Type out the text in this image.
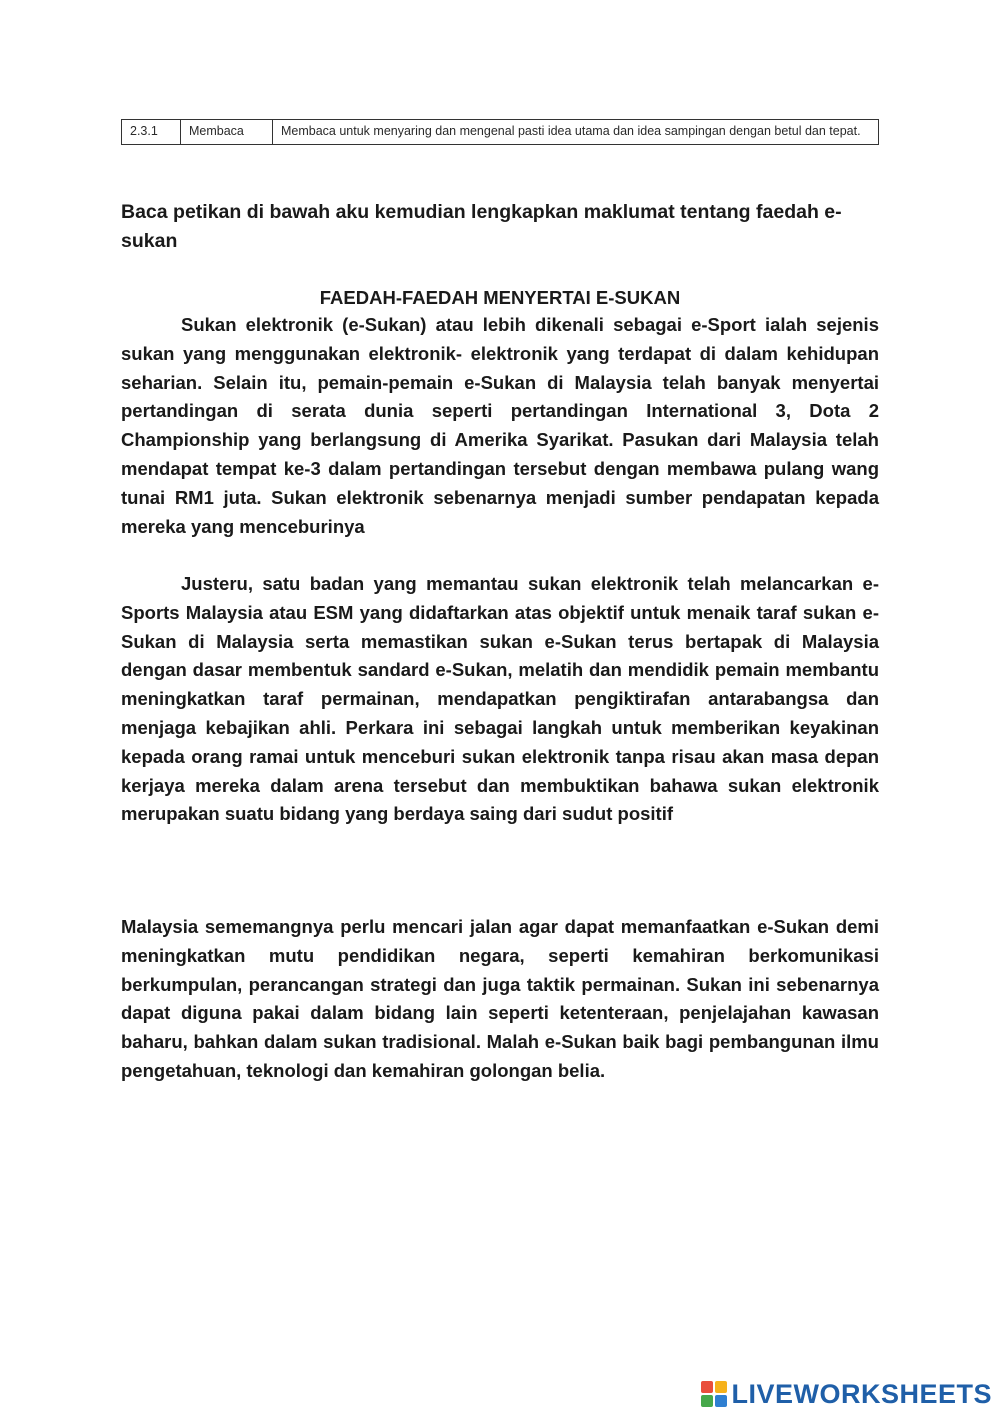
2.3.1	Membaca	Membaca untuk menyaring dan mengenal pasti idea utama dan idea sampingan dengan betul dan tepat.
Baca petikan di bawah aku kemudian lengkapkan maklumat tentang faedah e-sukan
FAEDAH-FAEDAH MENYERTAI E-SUKAN

Sukan elektronik (e-Sukan) atau lebih dikenali sebagai e-Sport ialah sejenis sukan yang menggunakan elektronik- elektronik yang terdapat di dalam kehidupan seharian. Selain itu, pemain-pemain e-Sukan di Malaysia telah banyak menyertai pertandingan di serata dunia seperti pertandingan International 3, Dota 2 Championship yang berlangsung di Amerika Syarikat. Pasukan dari Malaysia telah mendapat tempat ke-3 dalam pertandingan tersebut dengan membawa pulang wang tunai RM1 juta. Sukan elektronik sebenarnya menjadi sumber pendapatan kepada mereka yang menceburinya

Justeru, satu badan yang memantau sukan elektronik telah melancarkan e-Sports Malaysia atau ESM yang didaftarkan atas objektif untuk menaik taraf sukan e-Sukan di Malaysia serta memastikan sukan e-Sukan terus bertapak di Malaysia dengan dasar membentuk sandard e-Sukan, melatih dan mendidik pemain membantu meningkatkan taraf permainan, mendapatkan pengiktirafan antarabangsa dan menjaga kebajikan ahli. Perkara ini sebagai langkah untuk memberikan keyakinan kepada orang ramai untuk menceburi sukan elektronik tanpa risau akan masa depan kerjaya mereka dalam arena tersebut dan membuktikan bahawa sukan elektronik merupakan suatu bidang yang berdaya saing dari sudut positif

Malaysia sememangnya perlu mencari jalan agar dapat memanfaatkan e-Sukan demi meningkatkan mutu pendidikan negara, seperti kemahiran berkomunikasi berkumpulan, perancangan strategi dan juga taktik permainan. Sukan ini sebenarnya dapat diguna pakai dalam bidang lain seperti ketenteraan, penjelajahan kawasan baharu, bahkan dalam sukan tradisional. Malah e-Sukan baik bagi pembangunan ilmu pengetahuan, teknologi dan kemahiran golongan belia.

LIVEWORKSHEETS
